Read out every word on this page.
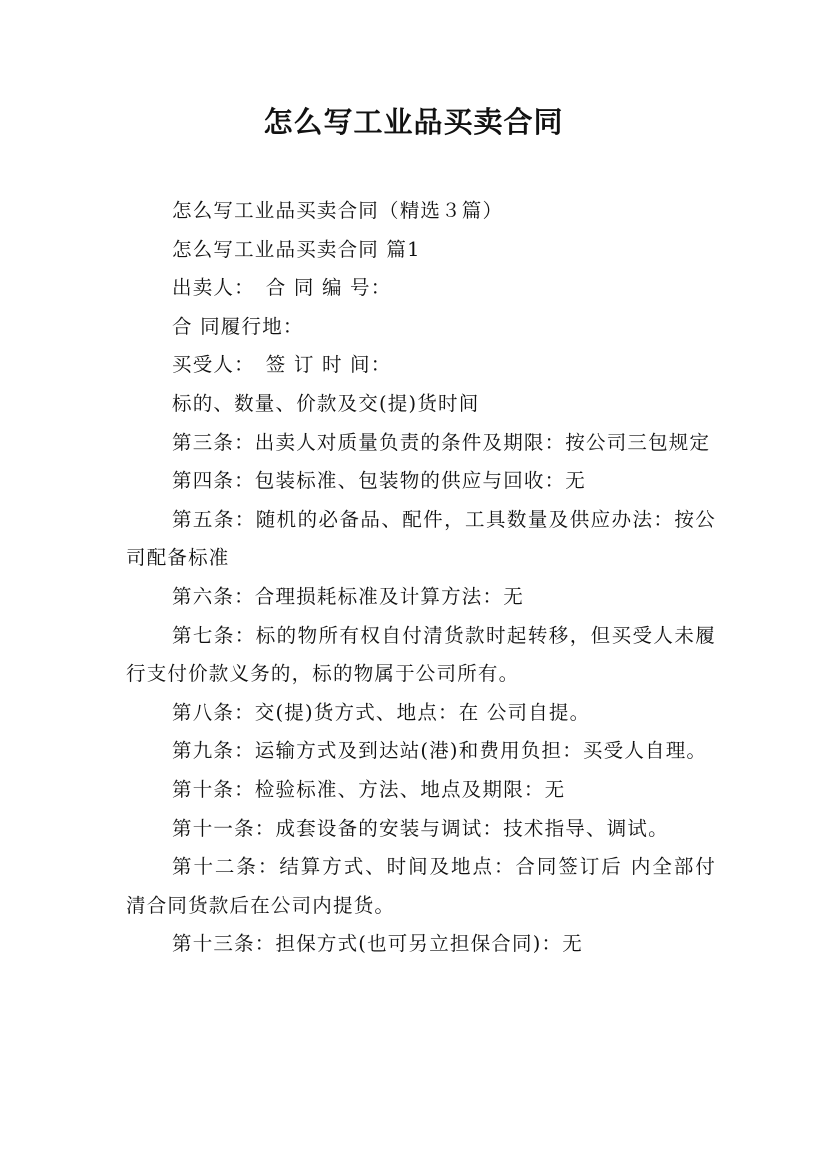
怎么写工业品买卖合同

怎么写工业品买卖合同（精选３篇）

怎么写工业品买卖合同 篇1

出卖人：　合 同 编 号：

合 同履行地：

买受人：　签 订 时 间：

标的、数量、价款及交(提)货时间

第三条：出卖人对质量负责的条件及期限：按公司三包规定

第四条：包装标准、包装物的供应与回收：无

第五条：随机的必备品、配件，工具数量及供应办法：按公司配备标准

第六条：合理损耗标准及计算方法：无

第七条：标的物所有权自付清货款时起转移，但买受人未履行支付价款义务的，标的物属于公司所有。

第八条：交(提)货方式、地点：在 公司自提。

第九条：运输方式及到达站(港)和费用负担：买受人自理。

第十条：检验标准、方法、地点及期限：无

第十一条：成套设备的安装与调试：技术指导、调试。

第十二条：结算方式、时间及地点：合同签订后 内全部付清合同货款后在公司内提货。

第十三条：担保方式(也可另立担保合同)：无
